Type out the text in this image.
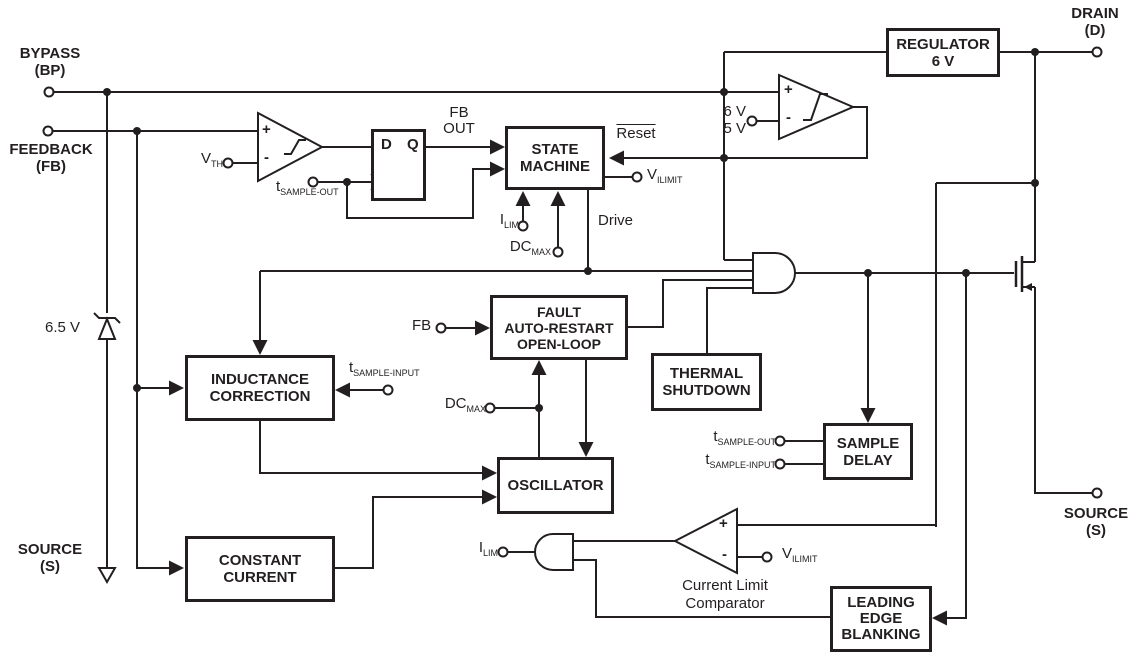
REGULATOR
6 V
STATE
MACHINE
D Q
FAULT
AUTO-RESTART
OPEN-LOOP
THERMAL
SHUTDOWN
INDUCTANCE
CORRECTION
SAMPLE
DELAY
OSCILLATOR
CONSTANT
CURRENT
LEADING
EDGE
BLANKING
BYPASS
(BP)
FEEDBACK
(FB)
DRAIN
(D)
SOURCE
(S)
SOURCE
(S)
$V_{TH}$
$t_{SAMPLE-OUT}$
FB
OUT	Reset
$V_{ILIMIT}$
$I_{LIM}$
$DC_{MAX}$
Drive
6 V
5 V
6.5 V	FB
$t_{SAMPLE-INPUT}$
$DC_{MAX}$
$t_{SAMPLE-OUT}$
$t_{SAMPLE-INPUT}$
$I_{LIM}$	$V_{ILIMIT}$
Current Limit
Comparator
+
-
+
-
+
-
